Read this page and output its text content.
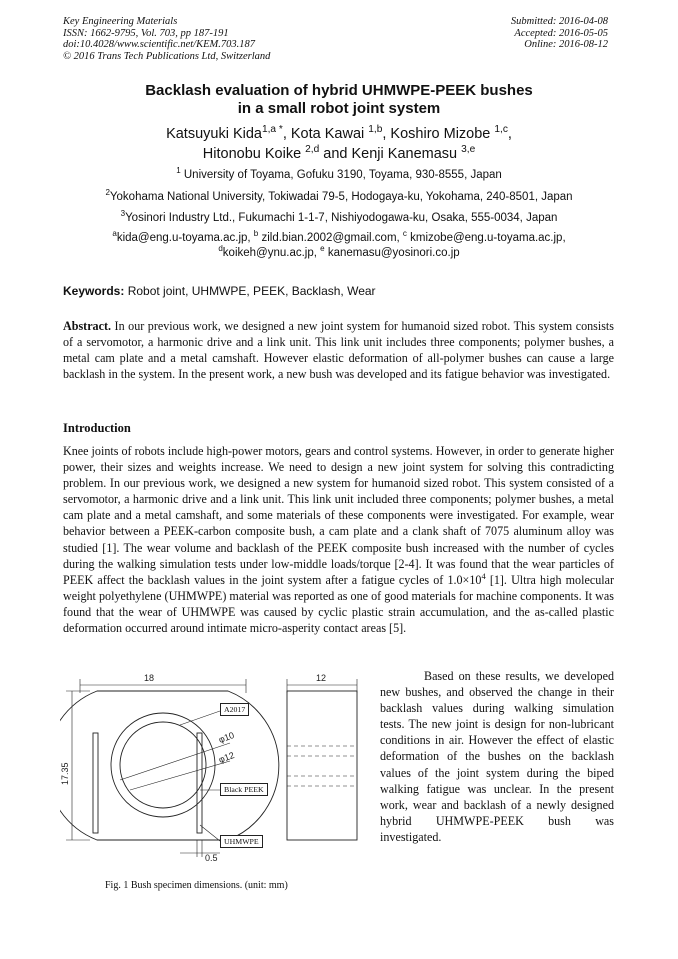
Key Engineering Materials
ISSN: 1662-9795, Vol. 703, pp 187-191
doi:10.4028/www.scientific.net/KEM.703.187
© 2016 Trans Tech Publications Ltd, Switzerland
Submitted: 2016-04-08
Accepted: 2016-05-05
Online: 2016-08-12
Backlash evaluation of hybrid UHMWPE-PEEK bushes
in a small robot joint system
Katsuyuki Kida$^{1,a *}$, Kota Kawai $^{1,b}$, Koshiro Mizobe $^{1,c}$,
Hitonobu Koike $^{2,d}$ and Kenji Kanemasu $^{3,e}$
$^1$ University of Toyama, Gofuku 3190, Toyama, 930-8555, Japan
$^2$Yokohama National University, Tokiwadai 79-5, Hodogaya-ku, Yokohama, 240-8501, Japan
$^3$Yosinori Industry Ltd., Fukumachi 1-1-7, Nishiyodogawa-ku, Osaka, 555-0034, Japan
$^a$kida@eng.u-toyama.ac.jp, $^b$ zild.bian.2002@gmail.com, $^c$ kmizobe@eng.u-toyama.ac.jp,
$^d$koikeh@ynu.ac.jp, $^e$ kanemasu@yosinori.co.jp
Keywords: Robot joint, UHMWPE, PEEK, Backlash, Wear
Abstract. In our previous work, we designed a new joint system for humanoid sized robot. This system consists of a servomotor, a harmonic drive and a link unit. This link unit includes three components; polymer bushes, a metal cam plate and a metal camshaft. However elastic deformation of all-polymer bushes can cause a large backlash in the system. In the present work, a new bush was developed and its fatigue behavior was investigated.
Introduction
Knee joints of robots include high-power motors, gears and control systems. However, in order to generate higher power, their sizes and weights increase. We need to design a new joint system for solving this contradicting problem. In our previous work, we designed a new system for humanoid sized robot. This system consisted of a servomotor, a harmonic drive and a link unit. This link unit included three components; polymer bushes, a metal cam plate and a metal camshaft, and some materials of these components were investigated. For example, wear behavior between a PEEK-carbon composite bush, a cam plate and a clank shaft of 7075 aluminum alloy was studied [1]. The wear volume and backlash of the PEEK composite bush increased with the number of cycles during the walking simulation tests under low-middle loads/torque [2-4]. It was found that the wear particles of PEEK affect the backlash values in the joint system after a fatigue cycles of $1.0\times 10^4$ [1]. Ultra high molecular weight polyethylene (UHMWPE) material was reported as one of good materials for machine components. It was found that the wear of UHMWPE was caused by cyclic plastic strain accumulation, and the as-called plastic deformation occurred around intimate micro-asperity contact areas [5].
18	12
17.35
φ10
φ12
0.5
A2017
Black PEEK
UHMWPE
Fig. 1 Bush specimen dimensions. (unit: mm)
Based on these results, we developed new bushes, and observed the change in their backlash values during walking simulation tests. The new joint is design for non-lubricant conditions in air. However the effect of elastic deformation of the bushes on the backlash values of the joint system during the biped walking fatigue was unclear. In the present work, wear and backlash of a newly designed hybrid UHMWPE-PEEK bush was investigated.
